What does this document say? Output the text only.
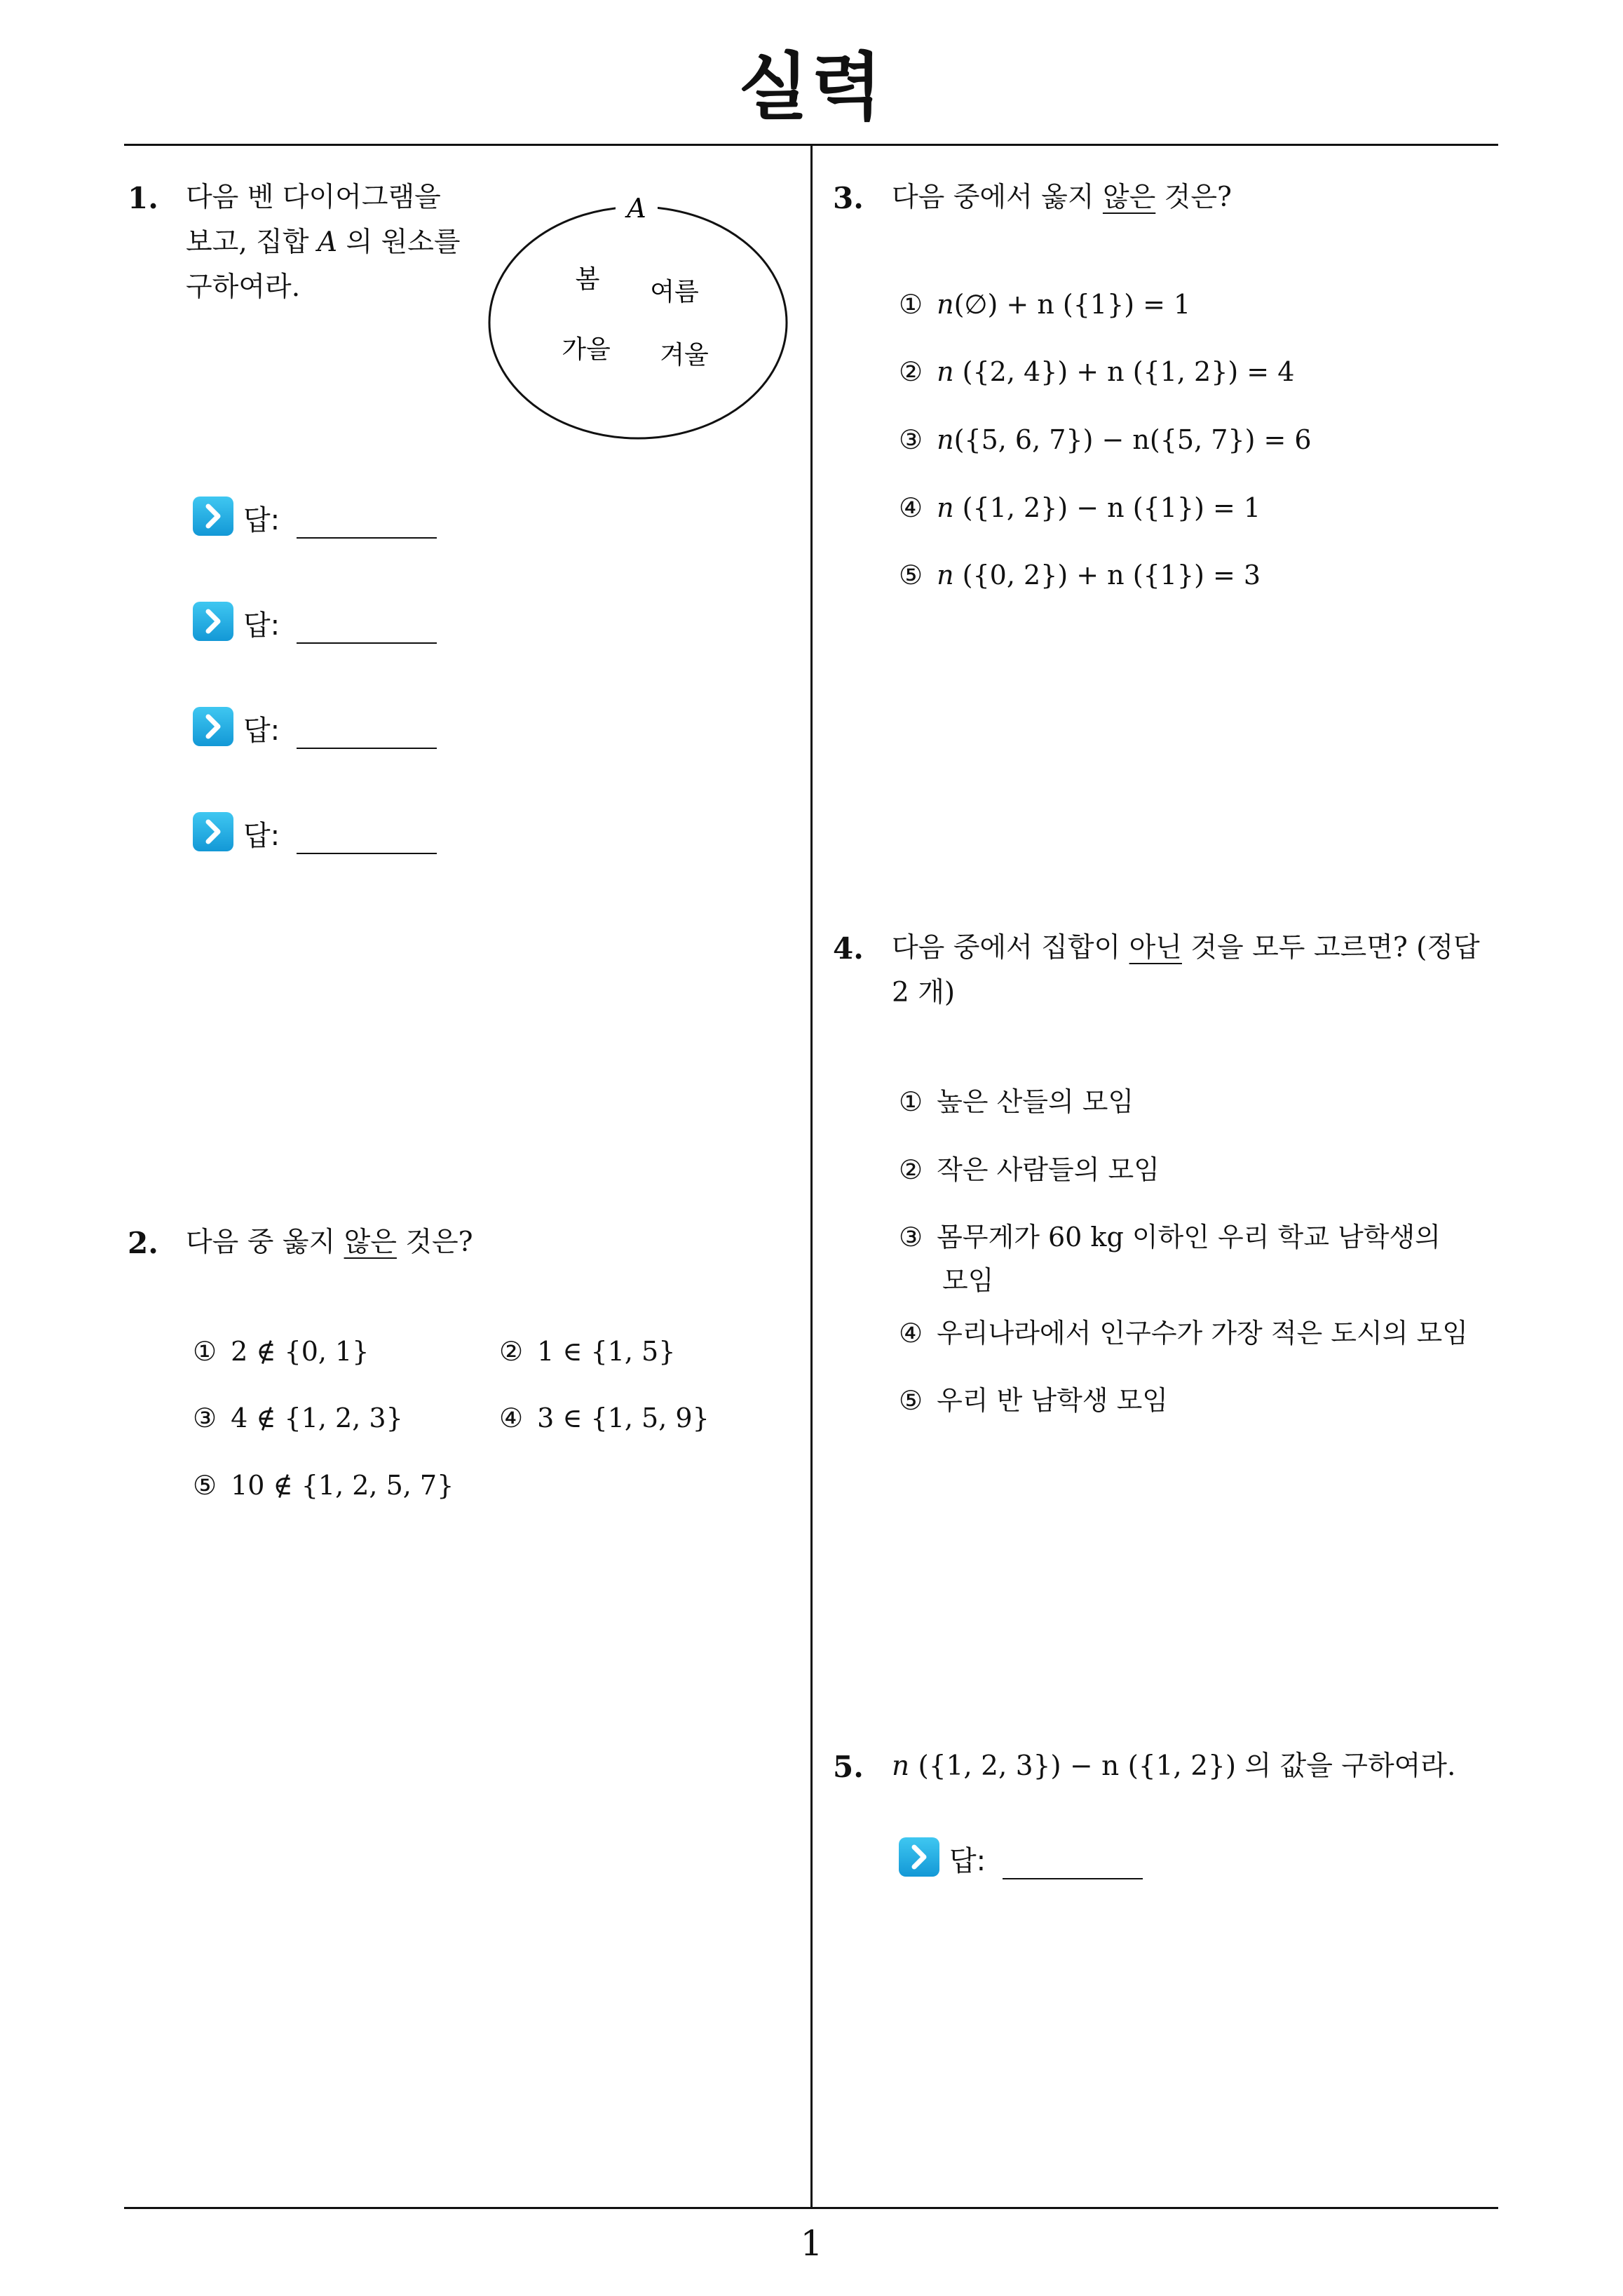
실력
1. 다음 벤 다이어그램을
보고, 집합 A 의 원소를
구하여라.
A
봄 여름
가을 겨울
답:
답:
답:
답:
2. 다음 중 옳지 않은 것은?
① 2 ∉ {0, 1}	② 1 ∈ {1, 5}
③ 4 ∉ {1, 2, 3}	④ 3 ∈ {1, 5, 9}
⑤ 10 ∉ {1, 2, 5, 7}
3. 다음 중에서 옳지 않은 것은?
① n(∅) + n ({1}) = 1
② n ({2, 4}) + n ({1, 2}) = 4
③ n({5, 6, 7}) − n({5, 7}) = 6
④ n ({1, 2}) − n ({1}) = 1
⑤ n ({0, 2}) + n ({1}) = 3
4. 다음 중에서 집합이 아닌 것을 모두 고르면? (정답
2 개)
① 높은 산들의 모임
② 작은 사람들의 모임
③ 몸무게가 60 kg 이하인 우리 학교 남학생의
모임
④ 우리나라에서 인구수가 가장 적은 도시의 모임
⑤ 우리 반 남학생 모임
5. n ({1, 2, 3}) − n ({1, 2}) 의 값을 구하여라.
답:
1
